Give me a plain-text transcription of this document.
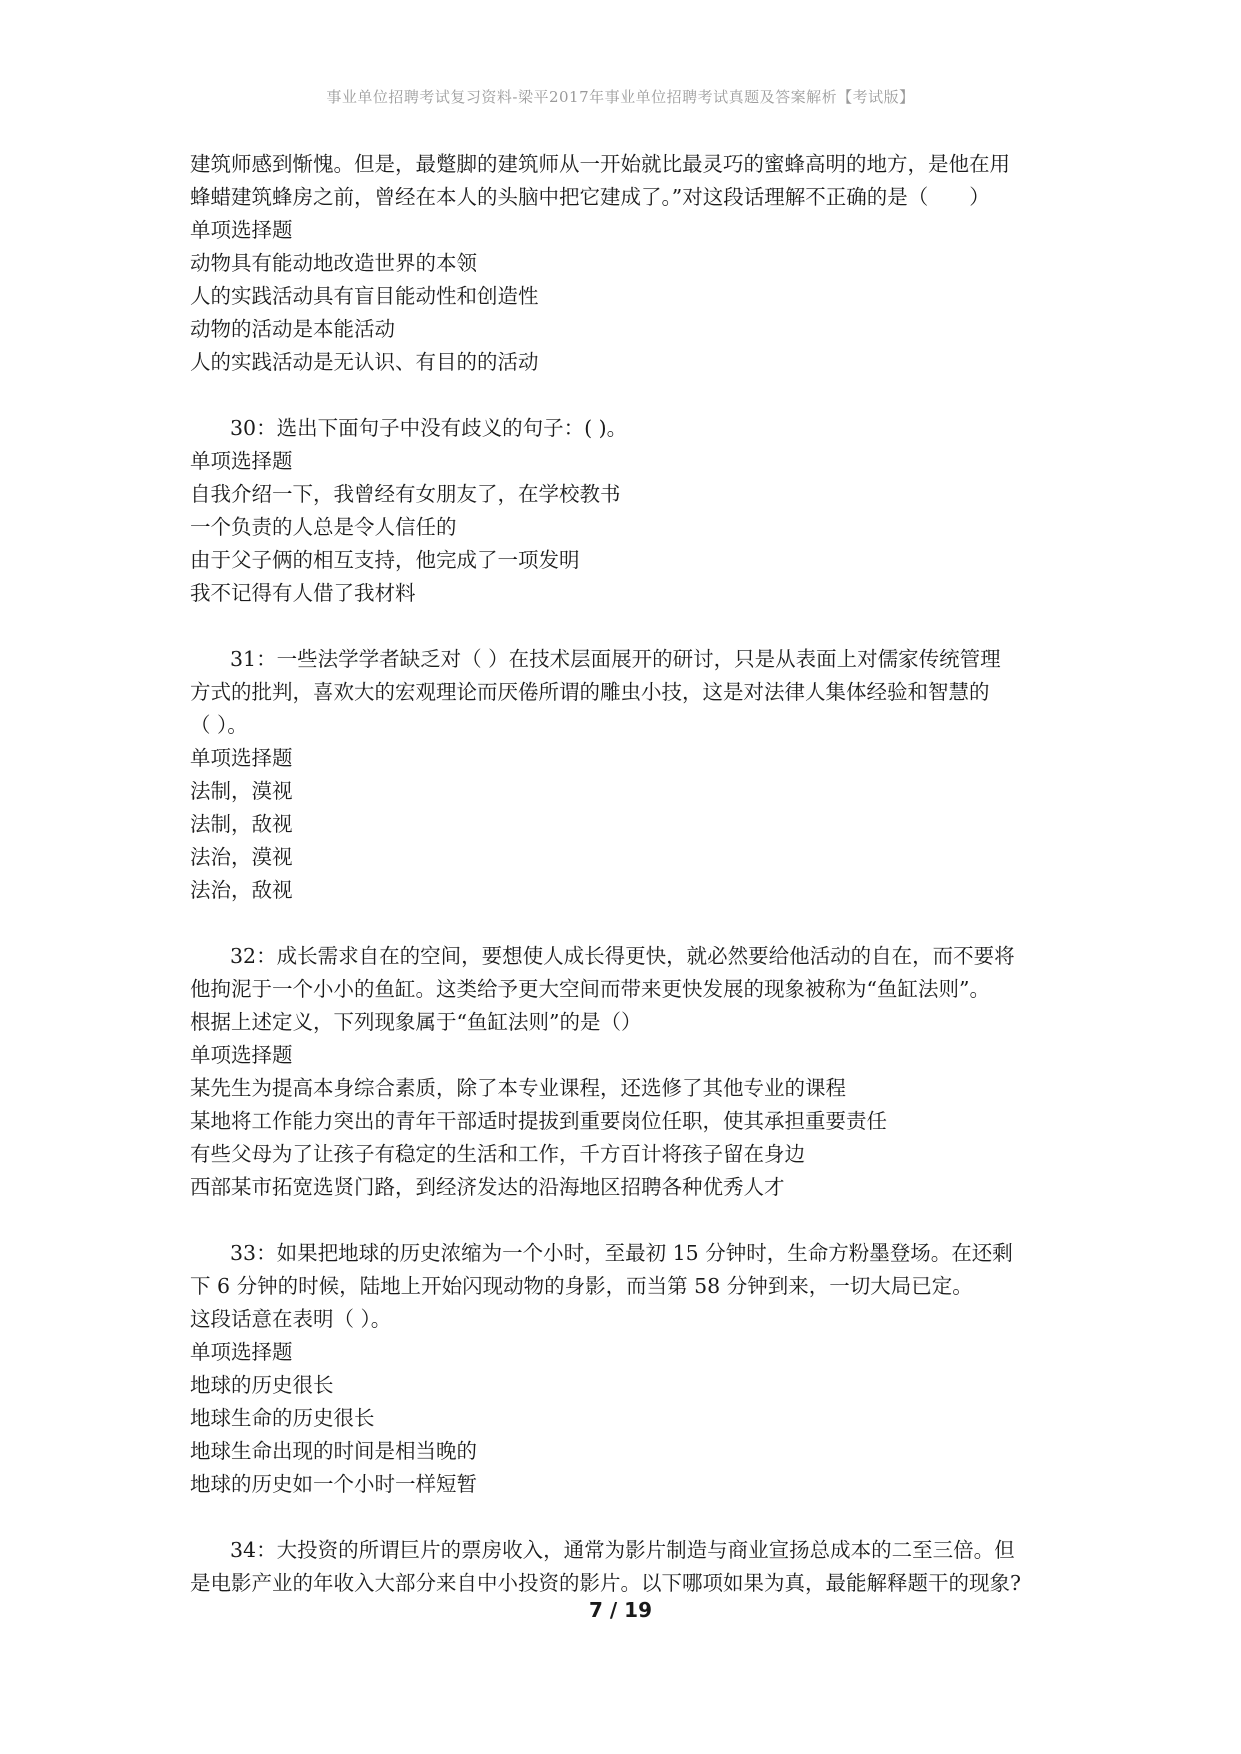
事业单位招聘考试复习资料-梁平2017年事业单位招聘考试真题及答案解析【考试版】
建筑师感到惭愧。但是，最蹩脚的建筑师从一开始就比最灵巧的蜜蜂高明的地方，是他在用
蜂蜡建筑蜂房之前，曾经在本人的头脑中把它建成了。”对这段话理解不正确的是（　　）
单项选择题
动物具有能动地改造世界的本领
人的实践活动具有盲目能动性和创造性
动物的活动是本能活动
人的实践活动是无认识、有目的的活动
30：选出下面句子中没有歧义的句子：( )。
单项选择题
自我介绍一下，我曾经有女朋友了，在学校教书
一个负责的人总是令人信任的
由于父子俩的相互支持，他完成了一项发明
我不记得有人借了我材料
31：一些法学学者缺乏对（ ）在技术层面展开的研讨，只是从表面上对儒家传统管理
方式的批判，喜欢大的宏观理论而厌倦所谓的雕虫小技，这是对法律人集体经验和智慧的
（ ）。
单项选择题
法制，漠视
法制，敌视
法治，漠视
法治，敌视
32：成长需求自在的空间，要想使人成长得更快，就必然要给他活动的自在，而不要将
他拘泥于一个小小的鱼缸。这类给予更大空间而带来更快发展的现象被称为“鱼缸法则”。
根据上述定义，下列现象属于“鱼缸法则”的是（）
单项选择题
某先生为提高本身综合素质，除了本专业课程，还选修了其他专业的课程
某地将工作能力突出的青年干部适时提拔到重要岗位任职，使其承担重要责任
有些父母为了让孩子有稳定的生活和工作，千方百计将孩子留在身边
西部某市拓宽选贤门路，到经济发达的沿海地区招聘各种优秀人才
33：如果把地球的历史浓缩为一个小时，至最初 15 分钟时，生命方粉墨登场。在还剩
下 6 分钟的时候，陆地上开始闪现动物的身影，而当第 58 分钟到来，一切大局已定。
这段话意在表明（ ）。
单项选择题
地球的历史很长
地球生命的历史很长
地球生命出现的时间是相当晚的
地球的历史如一个小时一样短暂
34：大投资的所谓巨片的票房收入，通常为影片制造与商业宣扬总成本的二至三倍。但
是电影产业的年收入大部分来自中小投资的影片。以下哪项如果为真，最能解释题干的现象?
7 / 19
